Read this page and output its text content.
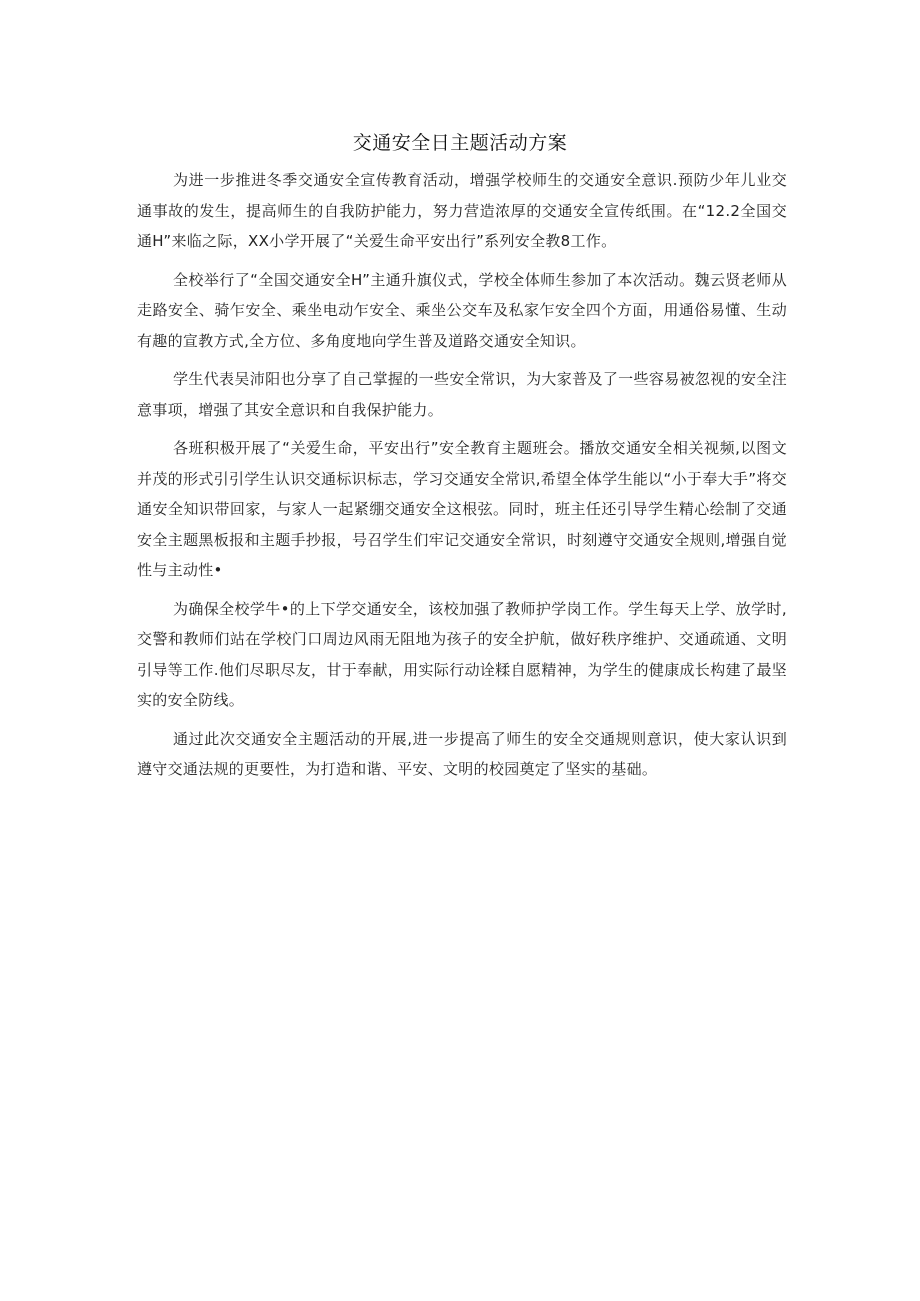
交通安全日主题活动方案

为进一步推进冬季交通安全宣传教育活动，增强学校师生的交通安全意识.预防少年儿业交通事故的发生，提高师生的自我防护能力，努力营造浓厚的交通安全宣传纸围。在“12.2全国交通H”来临之际，XX小学开展了“关爱生命平安出行”系列安全教8工作。

全校举行了“全国交通安全H”主通升旗仪式，学校全体师生参加了本次活动。魏云贤老师从走路安全、骑乍安全、乘坐电动乍安全、乘坐公交车及私家乍安全四个方面，用通俗易懂、生动有趣的宣教方式,全方位、多角度地向学生普及道路交通安全知识。

学生代表吴沛阳也分享了自己掌握的一些安全常识，为大家普及了一些容易被忽视的安全注意事项，增强了其安全意识和自我保护能力。

各班积极开展了“关爱生命，平安出行”安全教育主题班会。播放交通安全相关视频,以图文并茂的形式引引学生认识交通标识标志，学习交通安全常识,希望全体学生能以“小于奉大手”将交通安全知识带回家，与家人一起紧绷交通安全这根弦。同时，班主任还引导学生精心绘制了交通安全主题黑板报和主题手抄报，号召学生们牢记交通安全常识，时刻遵守交通安全规则,增强自觉性与主动性•

为确保全校学牛•的上下学交通安全，该校加强了教师护学岗工作。学生每天上学、放学时,交警和教师们站在学校门口周边风雨无阻地为孩子的安全护航，做好秩序维护、交通疏通、文明引导等工作.他们尽职尽友，甘于奉献，用实际行动诠糅自愿精神，为学生的健康成长构建了最坚实的安全防线。

通过此次交通安全主题活动的开展,进一步提高了师生的安全交通规则意识，使大家认识到遵守交通法规的更要性，为打造和谐、平安、文明的校园奠定了坚实的基础。
